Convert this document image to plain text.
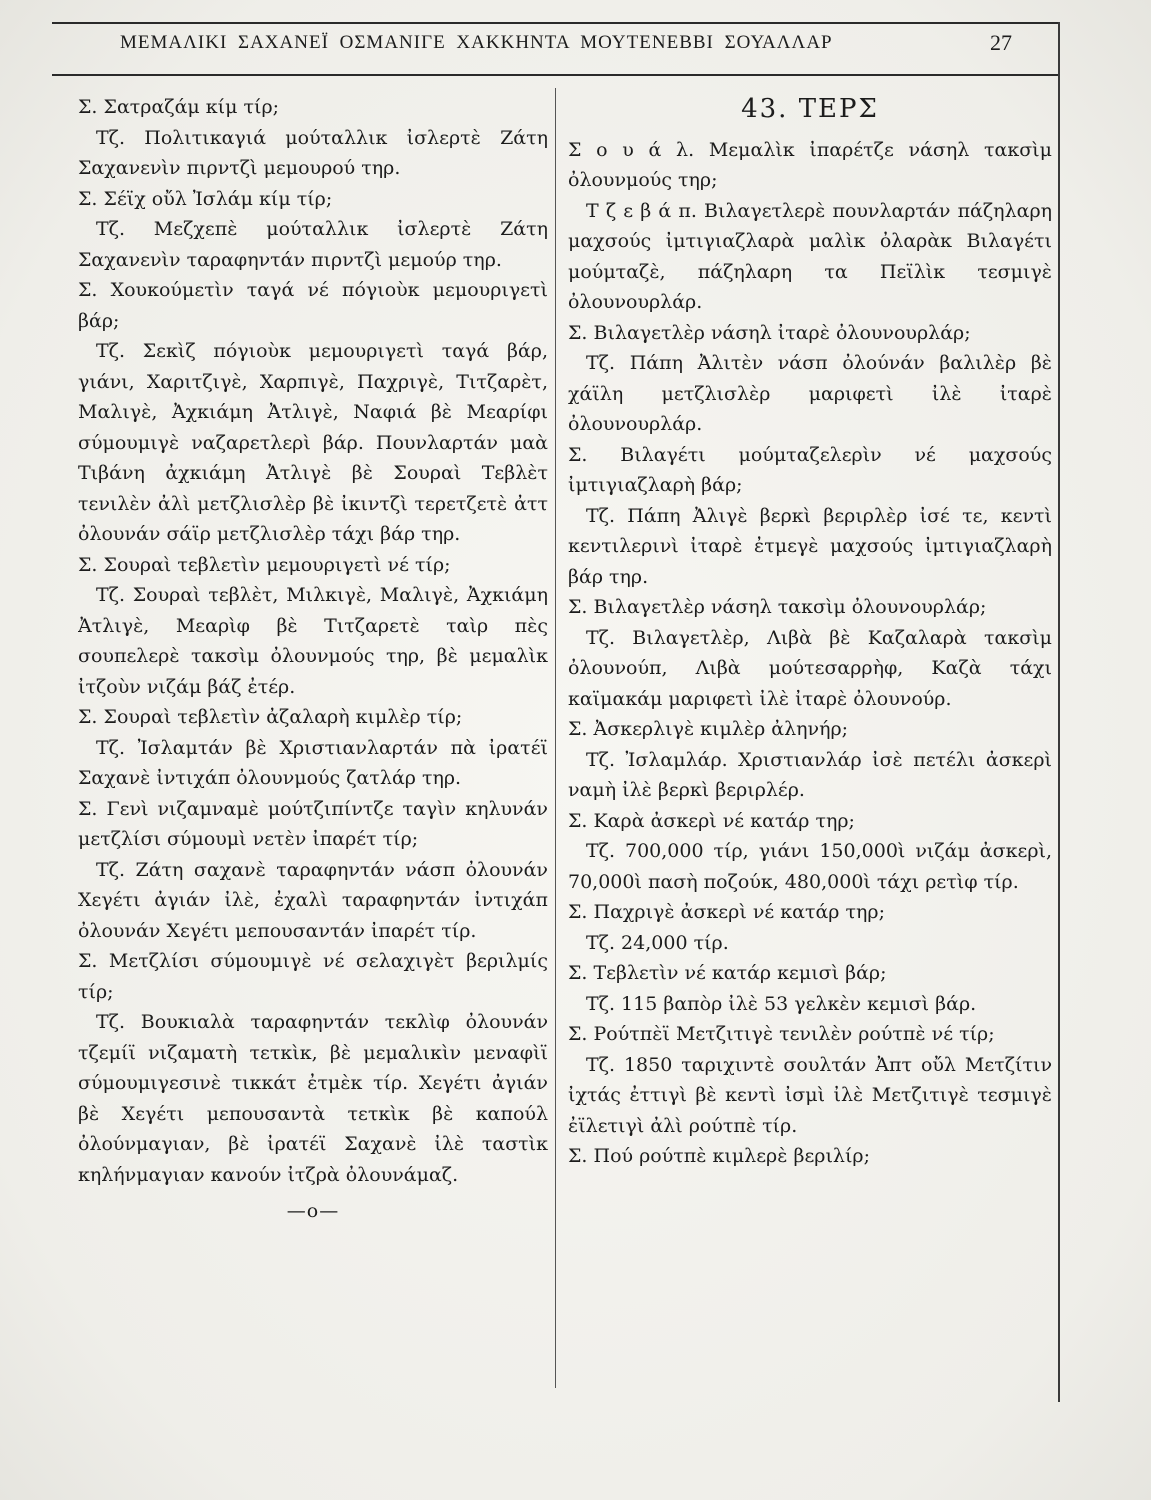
ΜΕΜΑΛΙΚΙ ΣΑΧΑΝΕΪ ΟΣΜΑΝΙΓΕ ΧΑΚΚΗΝΤΑ ΜΟΥΤΕΝΕΒΒΙ ΣΟΥΑΛΛΑΡ	27

Σ. Σατραζάμ κίμ τίρ;

Τζ. Πολιτικαγιά μούταλλικ ἰσλερτὲ Ζάτη Σαχανενὶν πιρντζὶ μεμουρού τηρ.

Σ. Σέϊχ οὔλ Ἰσλάμ κίμ τίρ;

Τζ. Μεζχεπὲ μούταλλικ ἰσλερτὲ Ζάτη Σαχανενὶν ταραφηντάν πιρντζὶ μεμούρ τηρ.

Σ. Χουκούμετὶν ταγά νέ πόγιοὺκ μεμουριγετὶ βάρ;

Τζ. Σεκὶζ πόγιοὺκ μεμουριγετὶ ταγά βάρ, γιάνι, Χαριτζιγὲ, Χαρπιγὲ, Παχριγὲ, Τιτζαρὲτ, Μαλιγὲ, Ἀχκιάμη Ἀτλιγὲ, Ναφιά βὲ Μεαρίφι σύμουμιγὲ ναζαρετλερὶ βάρ. Πουνλαρτάν μαὰ Τιβάνη ἀχκιάμη Ἀτλιγὲ βὲ Σουραὶ Τεβλὲτ τενιλὲν ἀλὶ μετζλισλὲρ βὲ ἰκιντζὶ τερετζετὲ ἀττ ὀλουνάν σάϊρ μετζλισλὲρ τάχι βάρ τηρ.

Σ. Σουραὶ τεβλετὶν μεμουριγετὶ νέ τίρ;

Τζ. Σουραὶ τεβλὲτ, Μιλκιγὲ, Μαλιγὲ, Ἀχκιάμη Ἀτλιγὲ, Μεαρὶφ βὲ Τιτζαρετὲ ταὶρ πὲς σουπελερὲ τακσὶμ ὀλουνμούς τηρ, βὲ μεμαλὶκ ἰτζοὺν νιζάμ βάζ ἐτέρ.

Σ. Σουραὶ τεβλετὶν ἀζαλαρὴ κιμλὲρ τίρ;

Τζ. Ἰσλαμτάν βὲ Χριστιανλαρτάν πὰ ἰρατέϊ Σαχανὲ ἰντιχάπ ὀλουνμούς ζατλάρ τηρ.

Σ. Γενὶ νιζαμναμὲ μούτζιπίντζε ταγὶν κηλυνάν μετζλίσι σύμουμὶ νετὲν ἰπαρέτ τίρ;

Τζ. Ζάτη σαχανὲ ταραφηντάν νάσπ ὀλουνάν Χεγέτι ἀγιάν ἰλὲ, ἐχαλὶ ταραφηντάν ἰντιχάπ ὀλουνάν Χεγέτι μεπουσαντάν ἰπαρέτ τίρ.

Σ. Μετζλίσι σύμουμιγὲ νέ σελαχιγὲτ βεριλμίς τίρ;

Τζ. Βουκιαλὰ ταραφηντάν τεκλὶφ ὀλουνάν τζεμίϊ νιζαματὴ τετκὶκ, βὲ μεμαλικὶν μεναφὶϊ σύμουμιγεσινὲ τικκάτ ἐτμὲκ τίρ. Χεγέτι ἀγιάν βὲ Χεγέτι μεπουσαντὰ τετκὶκ βὲ καπούλ ὀλούνμαγιαν, βὲ ἰρατέϊ Σαχανὲ ἰλὲ ταστὶκ κηλήνμαγιαν κανούν ἰτζρὰ ὀλουνάμαζ.

—o—
43. ΤΕΡΣ

Σ ο υ ά λ. Μεμαλὶκ ἰπαρέτζε νάσηλ τακσὶμ ὀλουνμούς τηρ;

Τ ζ ε β ά π. Βιλαγετλερὲ πουνλαρτάν πάζηλαρη μαχσούς ἰμτιγιαζλαρὰ μαλὶκ ὀλαρὰκ Βιλαγέτι μούμταζὲ, πάζηλαρη τα Πεϊλὶκ τεσμιγὲ ὀλουνουρλάρ.

Σ. Βιλαγετλὲρ νάσηλ ἰταρὲ ὀλουνουρλάρ;

Τζ. Πάπη Ἀλιτὲν νάσπ ὀλούνάν βαλιλὲρ βὲ χάϊλη μετζλισλὲρ μαριφετὶ ἰλὲ ἰταρὲ ὀλουνουρλάρ.

Σ. Βιλαγέτι μούμταζελερὶν νέ μαχσούς ἰμτιγιαζλαρὴ βάρ;

Τζ. Πάπη Ἀλιγὲ βερκὶ βεριρλὲρ ἰσέ τε, κεντὶ κεντιλερινὶ ἰταρὲ ἐτμεγὲ μαχσούς ἰμτιγιαζλαρὴ βάρ τηρ.

Σ. Βιλαγετλὲρ νάσηλ τακσὶμ ὀλουνουρλάρ;

Τζ. Βιλαγετλὲρ, Λιβὰ βὲ Καζαλαρὰ τακσὶμ ὀλουνούπ, Λιβὰ μούτεσαρρὴφ, Καζὰ τάχι καϊμακάμ μαριφετὶ ἰλὲ ἰταρὲ ὀλουνούρ.

Σ. Ἀσκερλιγὲ κιμλὲρ ἀληνήρ;

Τζ. Ἰσλαμλάρ. Χριστιανλάρ ἰσὲ πετέλι ἀσκερὶ ναμὴ ἰλὲ βερκὶ βεριρλέρ.

Σ. Καρὰ ἀσκερὶ νέ κατάρ τηρ;

Τζ. 700,000 τίρ, γιάνι 150,000ὶ νιζάμ ἀσκερὶ, 70,000ὶ πασὴ ποζούκ, 480,000ὶ τάχι ρετὶφ τίρ.

Σ. Παχριγὲ ἀσκερὶ νέ κατάρ τηρ;

Τζ. 24,000 τίρ.

Σ. Τεβλετὶν νέ κατάρ κεμισὶ βάρ;

Τζ. 115 βαπὸρ ἰλὲ 53 γελκὲν κεμισὶ βάρ.

Σ. Ρούτπὲϊ Μετζιτιγὲ τενιλὲν ρούτπὲ νέ τίρ;

Τζ. 1850 ταριχιντὲ σουλτάν Ἀπτ οὔλ Μετζίτιν ἰχτάς ἐττιγὶ βὲ κεντὶ ἰσμὶ ἰλὲ Μετζιτιγὲ τεσμιγὲ ἐϊλετιγὶ ἀλὶ ρούτπὲ τίρ.

Σ. Πού ρούτπὲ κιμλερὲ βεριλίρ;
